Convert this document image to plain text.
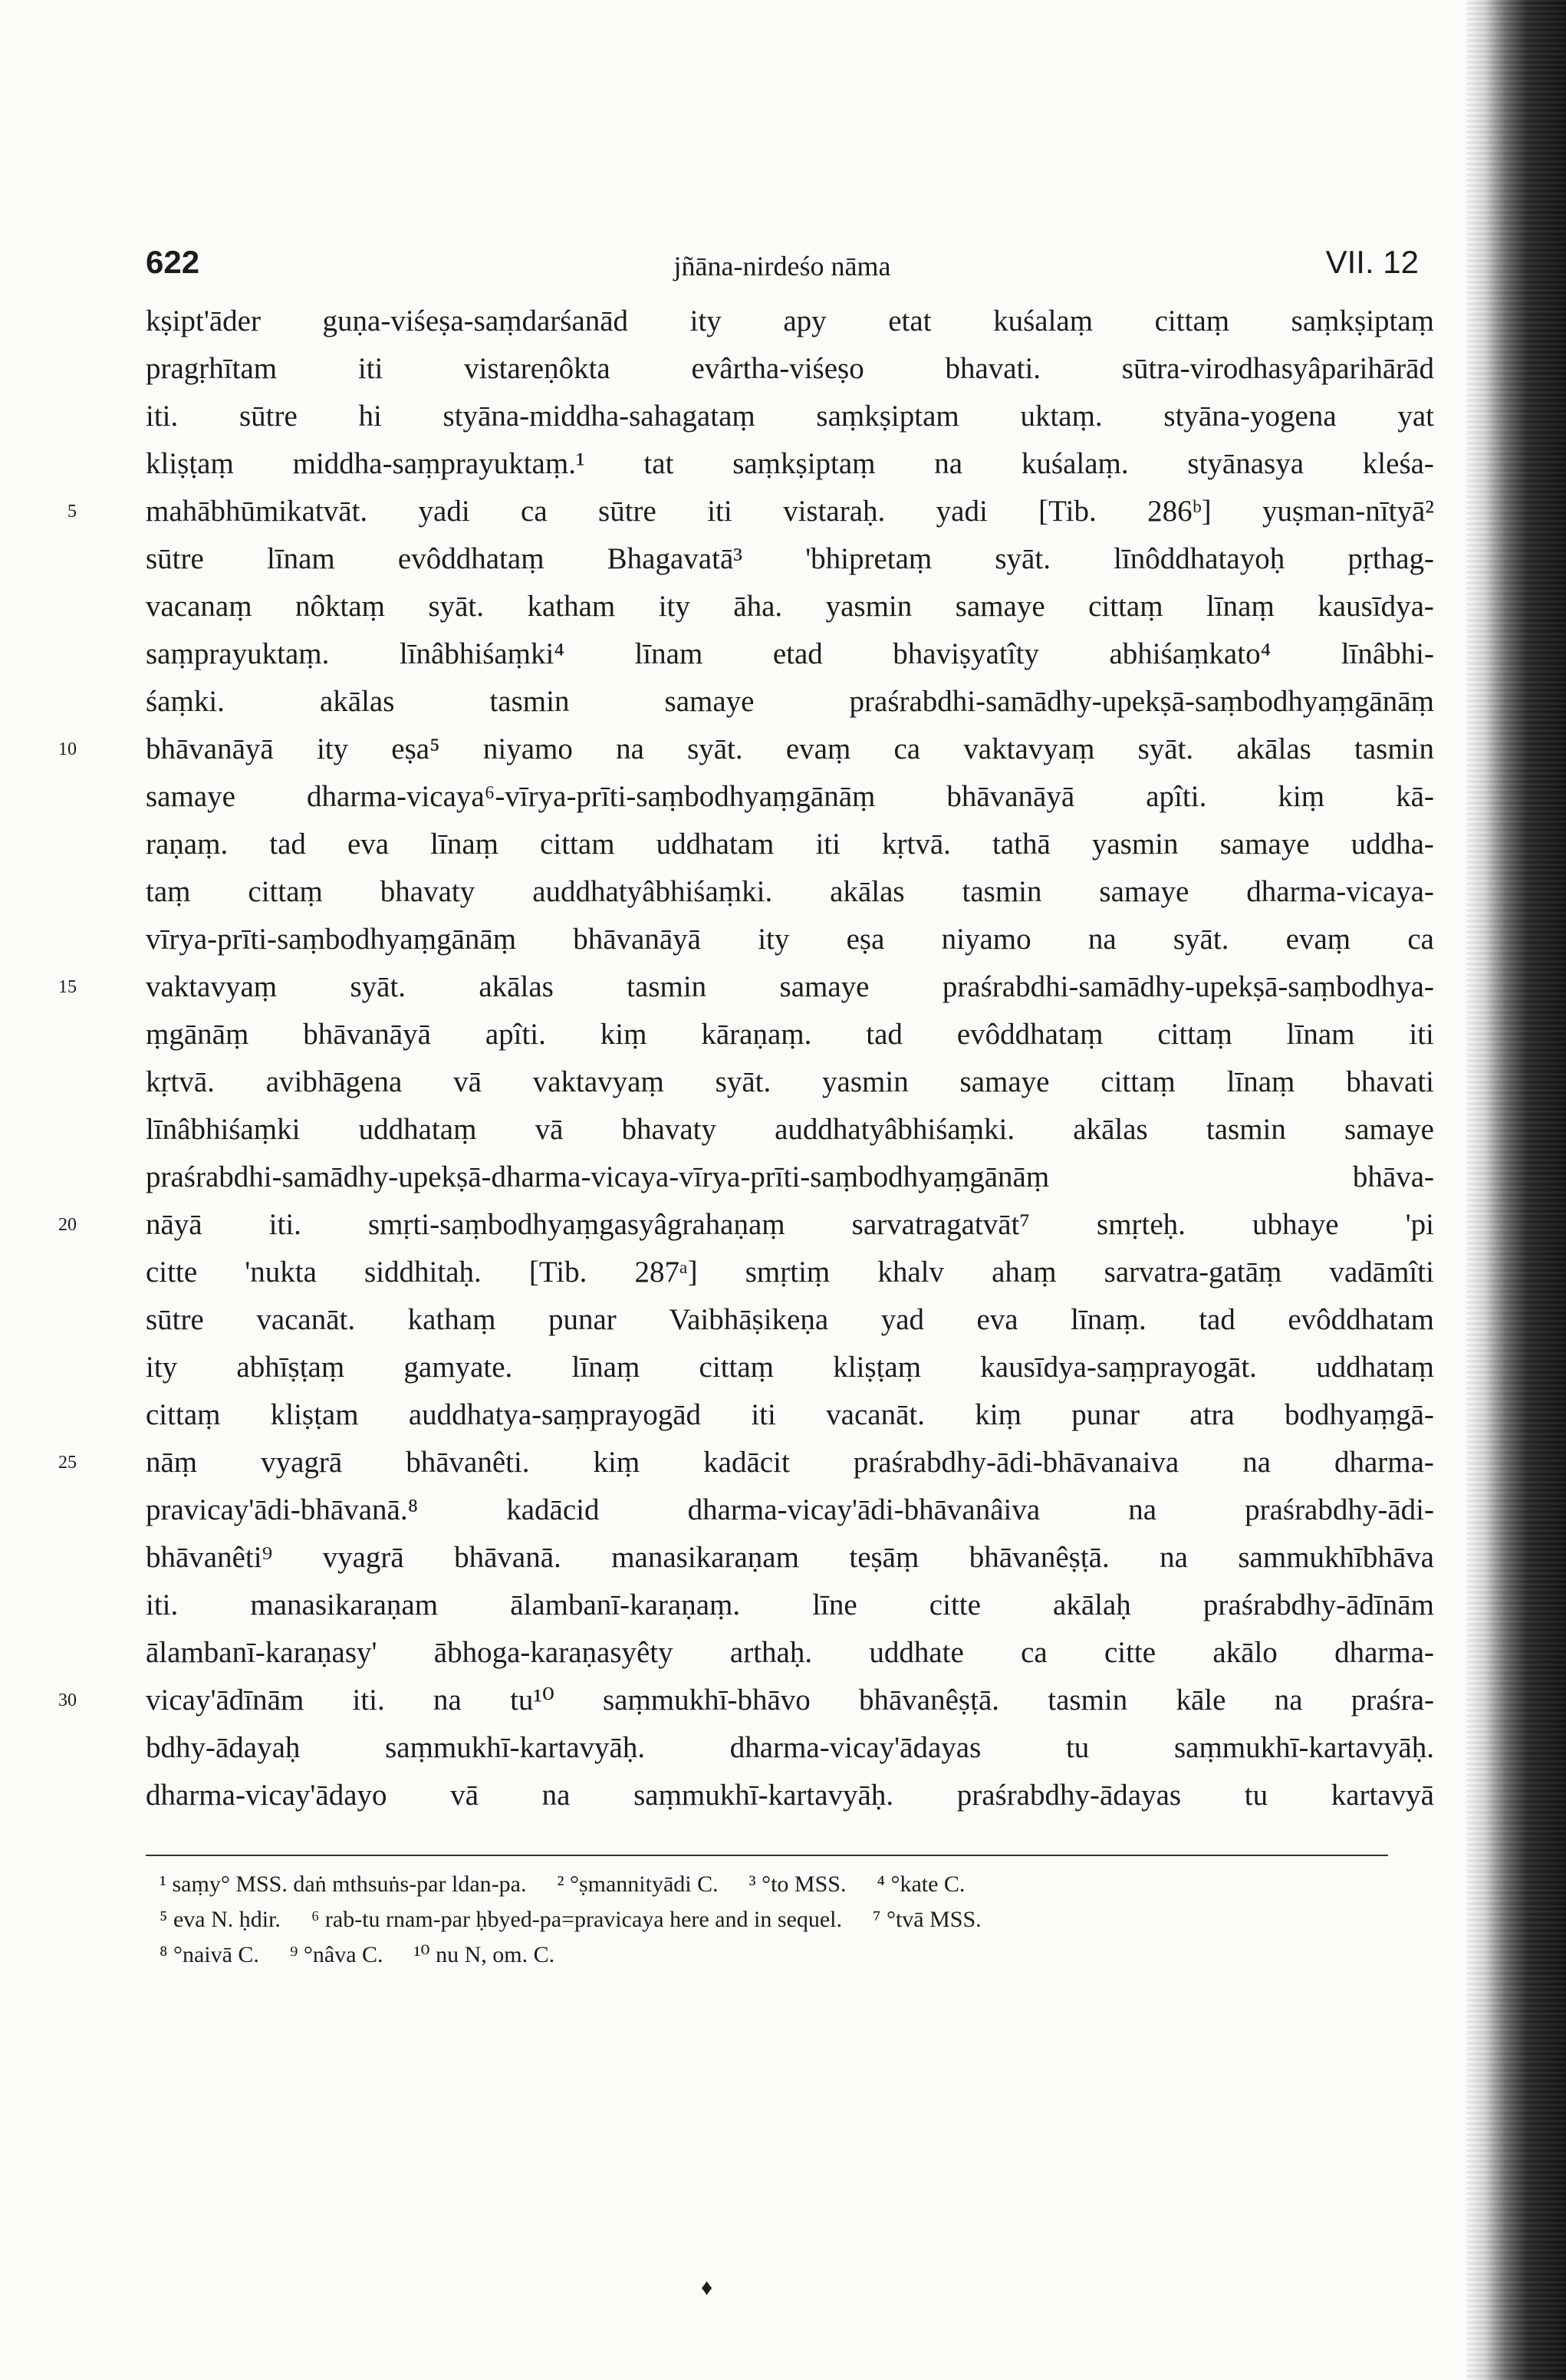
622	jñāna-nirdeśo nāma	VII. 12
kṣipt'āder guṇa-viśeṣa-saṃdarśanād ity apy etat kuśalaṃ cittaṃ saṃkṣiptaṃ
pragṛhītam	iti	vistareṇôkta	evârtha-viśeṣo	bhavati.	sūtra-virodhasyâparihārād
iti. sūtre hi styāna-middha-sahagataṃ saṃkṣiptam uktaṃ. styāna-yogena yat
kliṣṭaṃ middha-saṃprayuktaṃ.¹ tat saṃkṣiptaṃ na kuśalaṃ. styānasya kleśa-
5 mahābhūmikatvāt. yadi ca sūtre iti vistaraḥ. yadi [Tib. 286ᵇ] yuṣman-nītyā²
sūtre līnam evôddhataṃ Bhagavatā³ 'bhipretaṃ syāt. līnôddhatayoḥ pṛthag-
vacanaṃ nôktaṃ syāt. katham ity āha. yasmin samaye cittaṃ līnaṃ kausīdya-
saṃprayuktaṃ. līnâbhiśaṃki⁴ līnam etad bhaviṣyatîty abhiśaṃkato⁴ līnâbhi-
śaṃki.	akālas	tasmin	samaye	praśrabdhi-samādhy-upekṣā-saṃbodhyaṃgānāṃ
10 bhāvanāyā ity eṣa⁵ niyamo na syāt. evaṃ ca vaktavyaṃ syāt. akālas tasmin
samaye dharma-vicaya⁶-vīrya-prīti-saṃbodhyaṃgānāṃ bhāvanāyā apîti. kiṃ kā-
raṇaṃ. tad eva līnaṃ cittam uddhatam iti kṛtvā. tathā yasmin samaye uddha-
taṃ cittaṃ bhavaty auddhatyâbhiśaṃki. akālas tasmin samaye dharma-vicaya-
vīrya-prīti-saṃbodhyaṃgānāṃ bhāvanāyā ity eṣa niyamo na syāt. evaṃ ca
15 vaktavyaṃ syāt. akālas tasmin samaye praśrabdhi-samādhy-upekṣā-saṃbodhya-
ṃgānāṃ bhāvanāyā apîti. kiṃ kāraṇaṃ. tad evôddhataṃ cittaṃ līnam iti
kṛtvā. avibhāgena vā vaktavyaṃ syāt. yasmin samaye cittaṃ līnaṃ bhavati
līnâbhiśaṃki uddhataṃ vā bhavaty auddhatyâbhiśaṃki. akālas tasmin samaye
praśrabdhi-samādhy-upekṣā-dharma-vicaya-vīrya-prīti-saṃbodhyaṃgānāṃ	bhāva-
20 nāyā iti. smṛti-saṃbodhyaṃgasyâgrahaṇaṃ sarvatragatvāt⁷ smṛteḥ. ubhaye 'pi
citte 'nukta siddhitaḥ. [Tib. 287ᵃ] smṛtiṃ khalv ahaṃ sarvatra-gatāṃ vadāmîti
sūtre vacanāt. kathaṃ punar Vaibhāṣikeṇa yad eva līnaṃ. tad evôddhatam
ity abhīṣṭaṃ gamyate. līnaṃ cittaṃ kliṣṭaṃ kausīdya-saṃprayogāt. uddhataṃ
cittaṃ kliṣṭam auddhatya-saṃprayogād iti vacanāt. kiṃ punar atra bodhyaṃgā-
25 nāṃ vyagrā bhāvanêti. kiṃ kadācit praśrabdhy-ādi-bhāvanaiva na dharma-
pravicay'ādi-bhāvanā.⁸	kadācid	dharma-vicay'ādi-bhāvanâiva	na	praśrabdhy-ādi-
bhāvanêti⁹ vyagrā bhāvanā. manasikaraṇam teṣāṃ bhāvanêṣṭā. na sammukhībhāva
iti. manasikaraṇam ālambanī-karaṇaṃ. līne citte akālaḥ praśrabdhy-ādīnām
ālambanī-karaṇasy' ābhoga-karaṇasyêty arthaḥ. uddhate ca citte akālo dharma-
30 vicay'ādīnām iti. na tu¹⁰ saṃmukhī-bhāvo bhāvanêṣṭā. tasmin kāle na praśra-
bdhy-ādayaḥ	saṃmukhī-kartavyāḥ.	dharma-vicay'ādayas	tu	saṃmukhī-kartavyāḥ.
dharma-vicay'ādayo vā na saṃmukhī-kartavyāḥ. praśrabdhy-ādayas tu kartavyā
¹ saṃy° MSS. daṅ mthsuṅs-par ldan-pa. ² °ṣmannityādi C. ³ °to MSS. ⁴ °kate C.
⁵ eva N. ḥdir. ⁶ rab-tu rnam-par ḥbyed-pa=pravicaya here and in sequel. ⁷ °tvā MSS.
⁸ °naivā C. ⁹ °nâva C. ¹⁰ nu N, om. C.
♦
